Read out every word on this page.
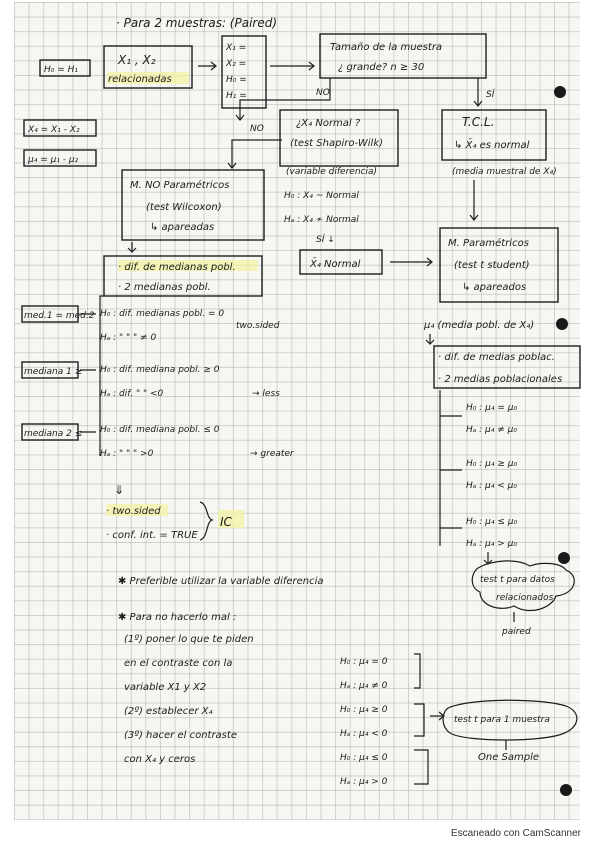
· Para 2 muestras: (Paired)
H₀ = H₁
X₁ , X₂
relacionadas
X₁ =
X₂ =
H₀ =
H₁ =
Tamaño de la muestra
¿ grande? n ≥ 30
NO	SÍ
X₄ = X₁ - X₂
μ₄ = μ₁ - μ₂
NO	¿X₄ Normal ?
(test Shapiro-Wilk)
(variable diferencia)
T.C.L.
↳ X̄₄ es normal
(media muestral de X₄)
M. NO Paramétricos
(test Wilcoxon)
↳ apareadas
H₀ : X₄ ~ Normal
Hₐ : X₄ ≁ Normal
SÍ ↓
X̄₄ Normal
M. Paramétricos
(test t student)
↳ apareados
· dif. de medianas pobl.
· 2 medianas pobl.
μ₄ (media pobl. de X₄)
· dif. de medias poblac.
· 2 medias poblacionales
med.1 = med.2
mediana 1 ≥
mediana 2 ≤
H₀ : dif. medianas pobl. = 0
Hₐ : " " " ≠ 0
two.sided
H₀ : dif. mediana pobl. ≥ 0
Hₐ : dif. " " <0	→ less
H₀ : dif. mediana pobl. ≤ 0
Hₐ : " " " >0	→ greater
H₀ : μ₄ = μ₀
Hₐ : μ₄ ≠ μ₀
H₀ : μ₄ ≥ μ₀
Hₐ : μ₄ < μ₀
H₀ : μ₄ ≤ μ₀
Hₐ : μ₄ > μ₀
test t para datos
relacionados
paired
⇓
· two.sided
· conf. int. = TRUE
IC
✱ Preferible utilizar la variable diferencia
✱ Para no hacerlo mal :
(1º) poner lo que te piden
en el contraste con la
variable X1 y X2
(2º) establecer X₄
(3º) hacer el contraste
con X₄ y ceros
H₀ : μ₄ = 0
Hₐ : μ₄ ≠ 0
H₀ : μ₄ ≥ 0
Hₐ : μ₄ < 0
H₀ : μ₄ ≤ 0
Hₐ : μ₄ > 0
test t para 1 muestra
One Sample
Escaneado con CamScanner
